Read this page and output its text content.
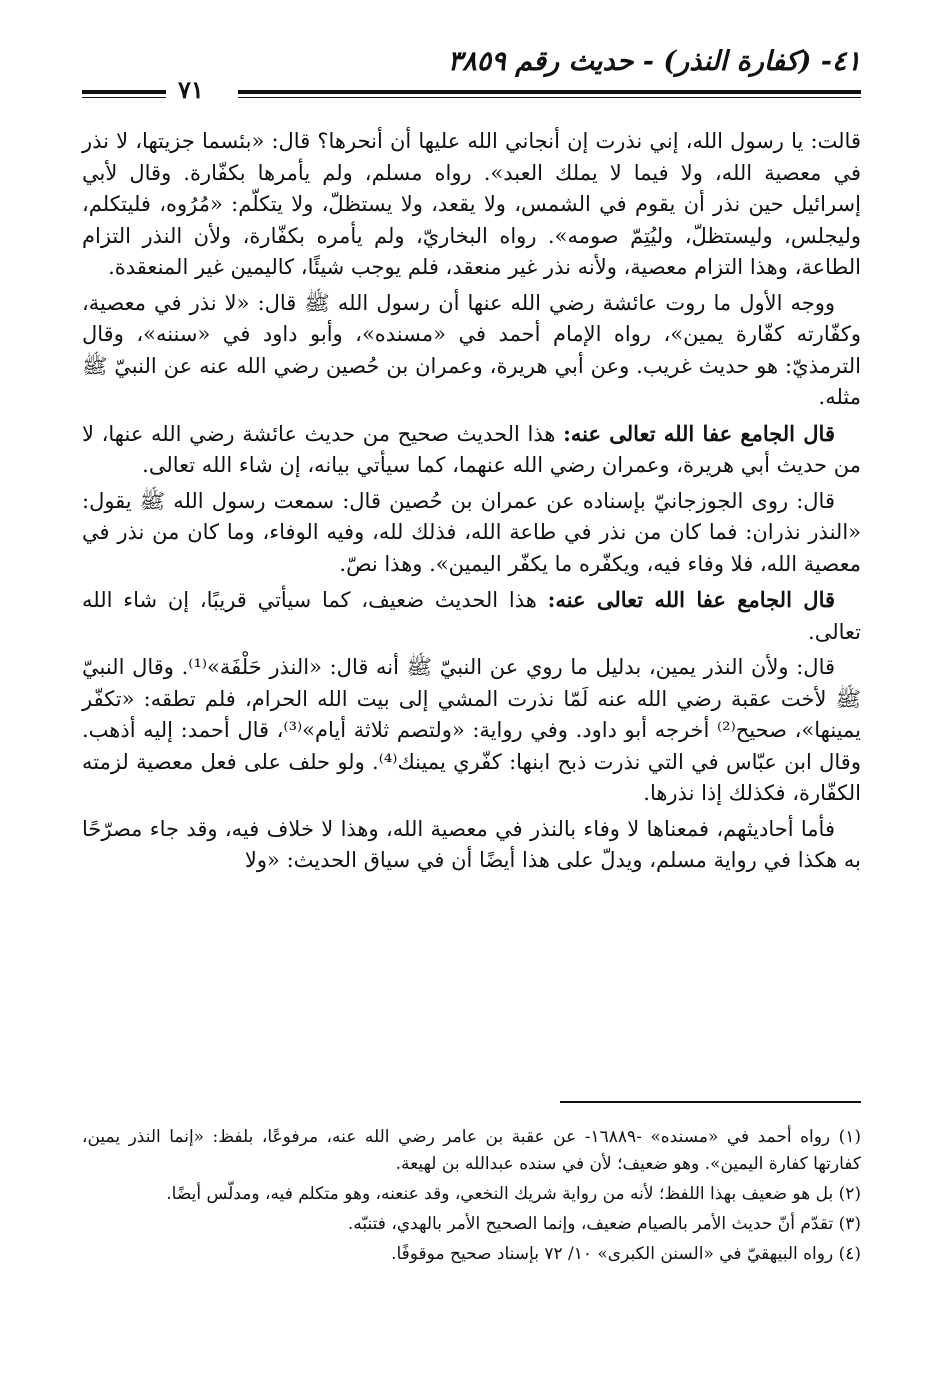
٤١- (كفارة النذر) - حديث رقم ٣٨٥٩
٧١

قالت: يا رسول الله، إني نذرت إن أنجاني الله عليها أن أنحرها؟ قال: «بئسما جزيتها، لا نذر في معصية الله، ولا فيما لا يملك العبد». رواه مسلم، ولم يأمرها بكفّارة. وقال لأبي إسرائيل حين نذر أن يقوم في الشمس، ولا يقعد، ولا يستظلّ، ولا يتكلّم: «مُرُوه، فليتكلم، وليجلس، وليستظلّ، وليُتِمّ صومه». رواه البخاريّ، ولم يأمره بكفّارة، ولأن النذر التزام الطاعة، وهذا التزام معصية، ولأنه نذر غير منعقد، فلم يوجب شيئًا، كاليمين غير المنعقدة.

ووجه الأول ما روت عائشة رضي الله عنها أن رسول الله ﷺ قال: «لا نذر في معصية، وكفّارته كفّارة يمين»، رواه الإمام أحمد في «مسنده»، وأبو داود في «سننه»، وقال الترمذيّ: هو حديث غريب. وعن أبي هريرة، وعمران بن حُصين رضي الله عنه عن النبيّ ﷺ مثله.

قال الجامع عفا الله تعالى عنه: هذا الحديث صحيح من حديث عائشة رضي الله عنها، لا من حديث أبي هريرة، وعمران رضي الله عنهما، كما سيأتي بيانه، إن شاء الله تعالى.

قال: روى الجوزجانيّ بإسناده عن عمران بن حُصين قال: سمعت رسول الله ﷺ يقول: «النذر نذران: فما كان من نذر في طاعة الله، فذلك لله، وفيه الوفاء، وما كان من نذر في معصية الله، فلا وفاء فيه، ويكفّره ما يكفّر اليمين». وهذا نصّ.

قال الجامع عفا الله تعالى عنه: هذا الحديث ضعيف، كما سيأتي قريبًا، إن شاء الله تعالى.

قال: ولأن النذر يمين، بدليل ما روي عن النبيّ ﷺ أنه قال: «النذر حَلْفَة»⁽¹⁾. وقال النبيّ ﷺ لأخت عقبة رضي الله عنه لَمّا نذرت المشي إلى بيت الله الحرام، فلم تطقه: «تكفّر يمينها»، صحيح⁽²⁾ أخرجه أبو داود. وفي رواية: «ولتصم ثلاثة أيام»⁽³⁾، قال أحمد: إليه أذهب. وقال ابن عبّاس في التي نذرت ذبح ابنها: كفّري يمينك⁽⁴⁾. ولو حلف على فعل معصية لزمته الكفّارة، فكذلك إذا نذرها.

فأما أحاديثهم، فمعناها لا وفاء بالنذر في معصية الله، وهذا لا خلاف فيه، وقد جاء مصرّحًا به هكذا في رواية مسلم، ويدلّ على هذا أيضًا أن في سياق الحديث: «ولا

(١) رواه أحمد في «مسنده» -١٦٨٨٩- عن عقبة بن عامر رضي الله عنه، مرفوعًا، بلفظ: «إنما النذر يمين، كفارتها كفارة اليمين». وهو ضعيف؛ لأن في سنده عبدالله بن لهيعة.

(٢) بل هو ضعيف بهذا اللفظ؛ لأنه من رواية شريك النخعي، وقد عنعنه، وهو متكلم فيه، ومدلّس أيضًا.

(٣) تقدّم أنّ حديث الأمر بالصيام ضعيف، وإنما الصحيح الأمر بالهدي، فتنبّه.

(٤) رواه البيهقيّ في «السنن الكبرى» ١٠/ ٧٢ بإسناد صحيح موقوفًا.
